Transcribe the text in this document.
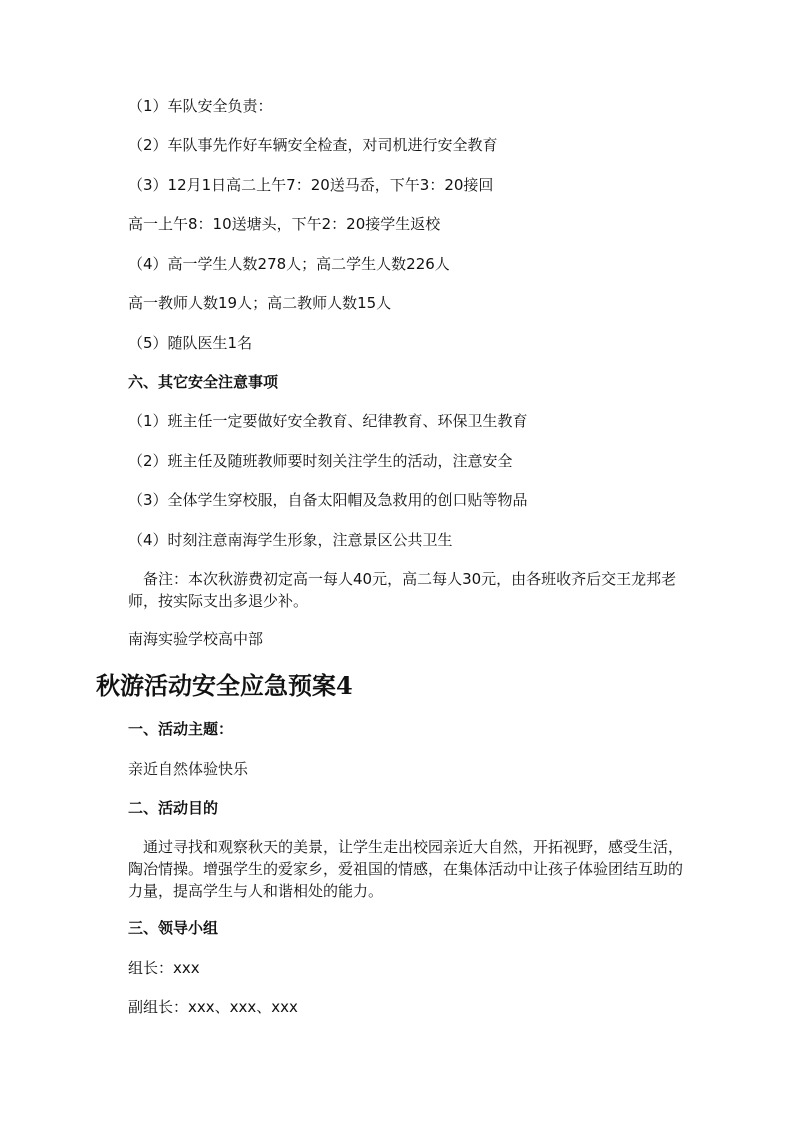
（1）车队安全负责：
（2）车队事先作好车辆安全检查，对司机进行安全教育
（3）12月1日高二上午7：20送马岙，下午3：20接回
高一上午8：10送塘头，下午2：20接学生返校
（4）高一学生人数278人；高二学生人数226人
高一教师人数19人；高二教师人数15人
（5）随队医生1名
六、其它安全注意事项
（1）班主任一定要做好安全教育、纪律教育、环保卫生教育
（2）班主任及随班教师要时刻关注学生的活动，注意安全
（3）全体学生穿校服，自备太阳帽及急救用的创口贴等物品
（4）时刻注意南海学生形象，注意景区公共卫生
备注：本次秋游费初定高一每人40元，高二每人30元，由各班收齐后交王龙邦老师，按实际支出多退少补。
南海实验学校高中部
秋游活动安全应急预案4
一、活动主题：
亲近自然体验快乐
二、活动目的
通过寻找和观察秋天的美景，让学生走出校园亲近大自然，开拓视野，感受生活，陶冶情操。增强学生的爱家乡，爱祖国的情感，在集体活动中让孩子体验团结互助的力量，提高学生与人和谐相处的能力。
三、领导小组
组长：xxx
副组长：xxx、xxx、xxx
